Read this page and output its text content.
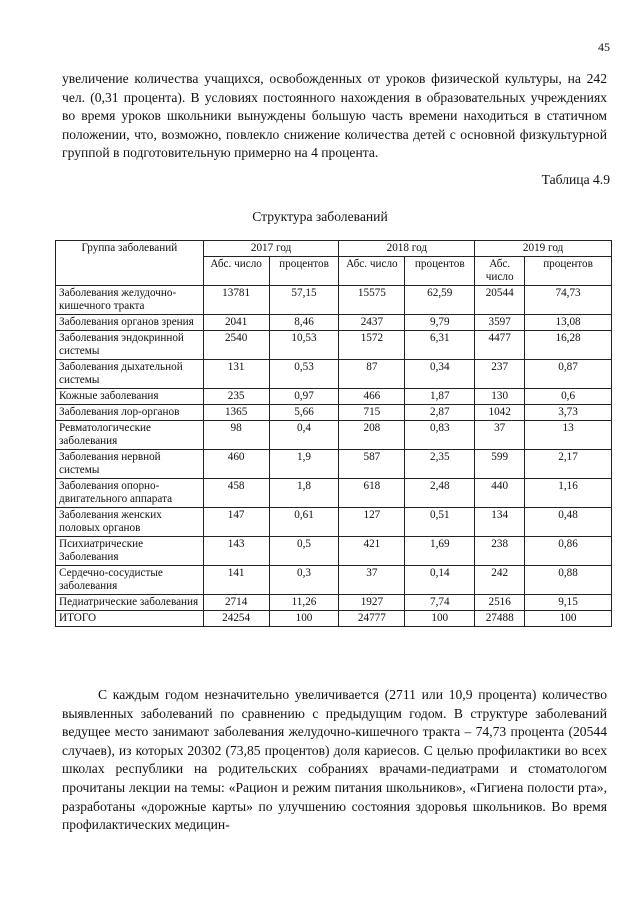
45

увеличение количества учащихся, освобожденных от уроков физической культуры, на 242 чел. (0,31 процента). В условиях постоянного нахождения в образовательных учреждениях во время уроков школьники вынуждены большую часть времени находиться в статичном положении, что, возможно, повлекло снижение количества детей с основной физкультурной группой в подготовительную примерно на 4 процента.

Таблица 4.9
Структура заболеваний
Группа заболеваний	2017 год		2018 год		2019 год	
	Абс. число	процентов	Абс. число	процентов	Абс. число	процентов
Заболевания желудочно-кишечного тракта	13781	57,15	15575	62,59	20544	74,73
Заболевания органов зрения	2041	8,46	2437	9,79	3597	13,08
Заболевания эндокринной системы	2540	10,53	1572	6,31	4477	16,28
Заболевания дыхательной системы	131	0,53	87	0,34	237	0,87
Кожные заболевания	235	0,97	466	1,87	130	0,6
Заболевания лор-органов	1365	5,66	715	2,87	1042	3,73
Ревматологические заболевания	98	0,4	208	0,83	37	13
Заболевания нервной системы	460	1,9	587	2,35	599	2,17
Заболевания опорно-двигательного аппарата	458	1,8	618	2,48	440	1,16
Заболевания женских половых органов	147	0,61	127	0,51	134	0,48
Психиатрические Заболевания	143	0,5	421	1,69	238	0,86
Сердечно-сосудистые заболевания	141	0,3	37	0,14	242	0,88
Педиатрические заболевания	2714	11,26	1927	7,74	2516	9,15
ИТОГО	24254	100	24777	100	27488	100

С каждым годом незначительно увеличивается (2711 или 10,9 процента) количество выявленных заболеваний по сравнению с предыдущим годом. В структуре заболеваний ведущее место занимают заболевания желудочно-кишечного тракта – 74,73 процента (20544 случаев), из которых 20302 (73,85 процентов) доля кариесов. С целью профилактики во всех школах республики на родительских собраниях врачами-педиатрами и стоматологом прочитаны лекции на темы: «Рацион и режим питания школьников», «Гигиена полости рта», разработаны «дорожные карты» по улучшению состояния здоровья школьников. Во время профилактических медицин-
